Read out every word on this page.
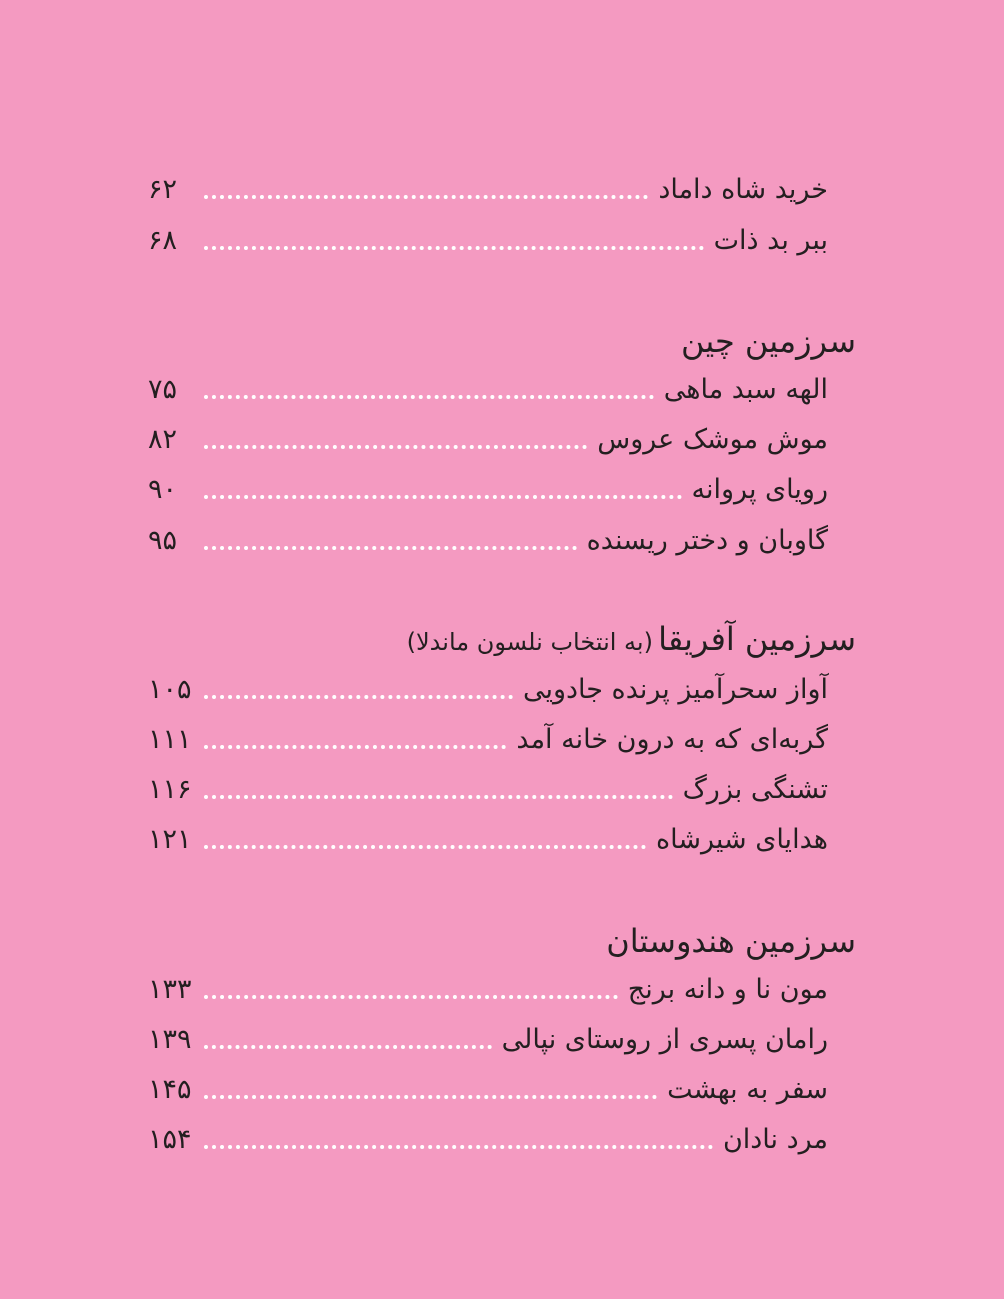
خرید شاه داماد
۶۲
ببر بد ذات
۶۸
سرزمین چین
الهه سبد ماهی
۷۵
موش موشک عروس
۸۲
رویای پروانه
۹۰
گاوبان و دختر ریسنده
۹۵
سرزمین آفریقا (به انتخاب نلسون ماندلا)
آواز سحرآمیز پرنده جادویی
۱۰۵
گربه‌ای که به درون خانه آمد
۱۱۱
تشنگی بزرگ
۱۱۶
هدایای شیرشاه
۱۲۱
سرزمین هندوستان
مون نا و دانه برنج
۱۳۳
رامان پسری از روستای نپالی
۱۳۹
سفر به بهشت
۱۴۵
مرد نادان
۱۵۴
